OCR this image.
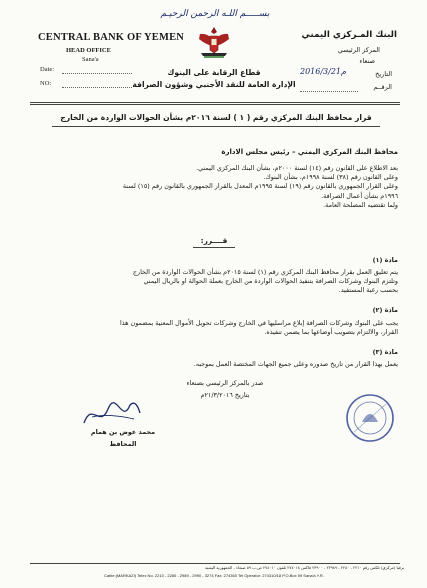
بســـــم اللـه الرحمن الرحيـم
CENTRAL BANK OF YEMEN
HEAD OFFICE
Sana'a
Date:
NO:
قطاع الرقابة على البنوك
الإدارة العامة للنقد الأجنبي وشؤون الصرافة
البنك المـركزي اليمني
المركز الرئيسي
صنعاء
التاريخ
2016/3/21م
الرقــم
قرار محافظ البنك المركزي رقم ( ١ ) لسنة ٢٠١٦م بشأن الحوالات الواردة من الخارج
محافظ البنك المركزي اليمني – رئيس مجلس الادارة
بعد الاطلاع على القانون رقم (١٤) لسنة ٢٠٠٠م، بشأن البنك المركزي اليمني.
وعلى القانون رقم (٣٨) لسنة ١٩٩٨م، بشأن البنوك.
وعلى القرار الجمهوري بالقانون رقم (١٩) لسنة ١٩٩٥م المعدل بالقرار الجمهوري بالقانون رقم (١٥) لسنة
١٩٩٦م بشأن أعمال الصرافة.
ولما تقتضيه المصلحة العامة.
قــــرر:
مادة (١)
يتم تعليق العمل بقرار محافظ البنك المركزي رقم (١) لسنة ٢٠١٥م بشأن الحوالات الواردة من الخارج
وتلتزم البنوك وشركات الصرافة بتنفيذ الحوالات الواردة من الخارج بعملة الحوالة او بالريال اليمني
بحسب رغبة المستفيد.
مادة (٢)
يجب على البنوك وشركات الصرافة إبلاغ مراسليها في الخارج وشركات تحويل الأموال المعنية بمضمون هذا
القرار، والالتزام بتصويب أوضاعها بما يضمن تنفيذه.
مادة (٣)
يعمل بهذا القرار من تاريخ صدوره وعلى جميع الجهات المختصة العمل بموجبه.
صدر بالمركز الرئيسي بصنعاء
بتاريخ ٢١/٣/٢٠١٦م
محمد عوض بن همام
المحافظ
برقيا (مركزي) تلكس رقم ٢٢١٠ - ٢٢٨٠ - ٢٣٩٨٩ - ٢٣٩٠٠ فاكس ٢٧٤٠١٨ تلفون ٢٧٤٠١٠ ص.ب ٥٩ صنعاء - الجمهورية اليمنية
Cable:(MARKAZI) Telex No. 2210 - 2280 - 2989 - 2990 - 3274 Fax: 274360 Tel Operator: 274310/18 P.O.Box 59 Sana'a Y.R.
